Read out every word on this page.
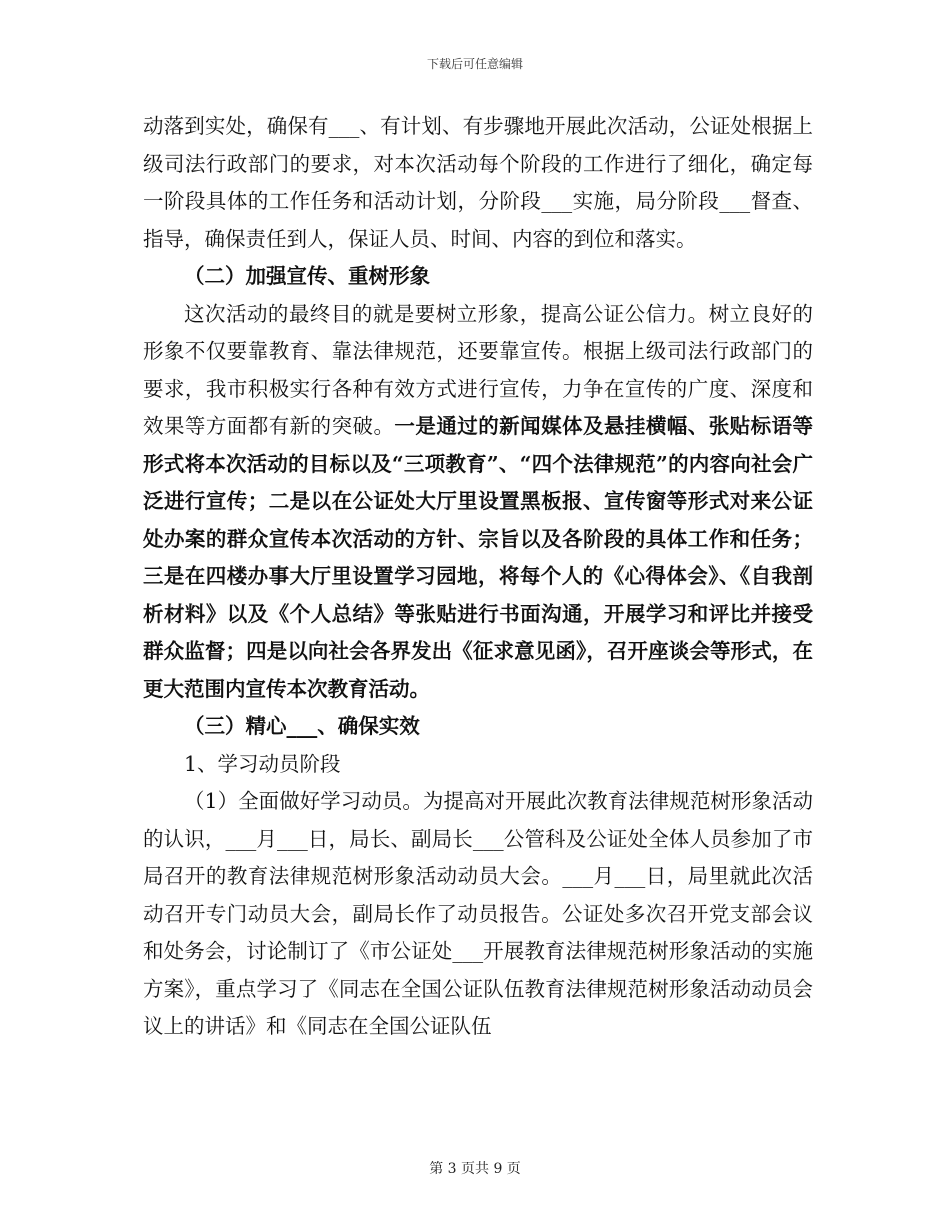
下载后可任意编辑

动落到实处，确保有___、有计划、有步骤地开展此次活动，公证处根据上级司法行政部门的要求，对本次活动每个阶段的工作进行了细化，确定每一阶段具体的工作任务和活动计划，分阶段___实施，局分阶段___督查、指导，确保责任到人，保证人员、时间、内容的到位和落实。

（二）加强宣传、重树形象

这次活动的最终目的就是要树立形象，提高公证公信力。树立良好的形象不仅要靠教育、靠法律规范，还要靠宣传。根据上级司法行政部门的要求，我市积极实行各种有效方式进行宣传，力争在宣传的广度、深度和效果等方面都有新的突破。一是通过的新闻媒体及悬挂横幅、张贴标语等形式将本次活动的目标以及“三项教育”、“四个法律规范”的内容向社会广泛进行宣传；二是以在公证处大厅里设置黑板报、宣传窗等形式对来公证处办案的群众宣传本次活动的方针、宗旨以及各阶段的具体工作和任务；三是在四楼办事大厅里设置学习园地，将每个人的《心得体会》、《自我剖析材料》以及《个人总结》等张贴进行书面沟通，开展学习和评比并接受群众监督；四是以向社会各界发出《征求意见函》，召开座谈会等形式，在更大范围内宣传本次教育活动。

（三）精心___、确保实效

1、学习动员阶段

（1）全面做好学习动员。为提高对开展此次教育法律规范树形象活动的认识，___月___日，局长、副局长___公管科及公证处全体人员参加了市局召开的教育法律规范树形象活动动员大会。___月___日，局里就此次活动召开专门动员大会，副局长作了动员报告。公证处多次召开党支部会议和处务会，讨论制订了《市公证处___开展教育法律规范树形象活动的实施方案》，重点学习了《同志在全国公证队伍教育法律规范树形象活动动员会议上的讲话》和《同志在全国公证队伍

第 3 页共 9 页
